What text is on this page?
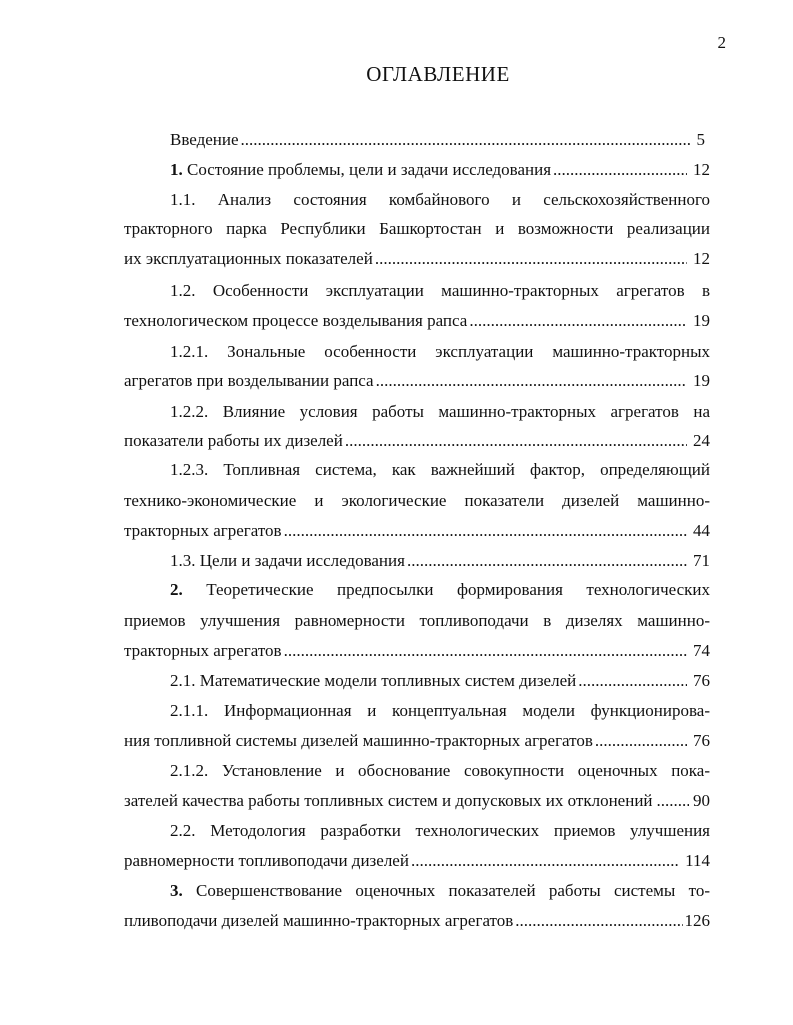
2
ОГЛАВЛЕНИЕ
Введение .....	5
1. Состояние проблемы, цели и задачи исследования .....	12
1.1. Анализ состояния комбайнового и сельскохозяйственного
тракторного парка Республики Башкортостан и возможности реализации
их эксплуатационных показателей .....	12
1.2. Особенности эксплуатации машинно-тракторных агрегатов в
технологическом процессе возделывания рапса .....	19
1.2.1. Зональные особенности эксплуатации машинно-тракторных
агрегатов при возделывании рапса .....	19
1.2.2. Влияние условия работы машинно-тракторных агрегатов на
показатели работы их дизелей .....	24
1.2.3. Топливная система, как важнейший фактор, определяющий
технико-экономические и экологические показатели дизелей машинно-
тракторных агрегатов .....	44
1.3. Цели и задачи исследования .....	71
2. Теоретические предпосылки формирования технологических
приемов улучшения равномерности топливоподачи в дизелях машинно-
тракторных агрегатов .....	74
2.1. Математические модели топливных систем дизелей .....	76
2.1.1. Информационная и концептуальная модели функционирова-
ния топливной системы дизелей машинно-тракторных агрегатов .....	76
2.1.2. Установление и обоснование совокупности оценочных пока-
зателей качества работы топливных систем и допусковых их отклонений ..... 90
2.2. Методология разработки технологических приемов улучшения
равномерности топливоподачи дизелей .....	114
3. Совершенствование оценочных показателей работы системы то-
пливоподачи дизелей машинно-тракторных агрегатов .....	126
